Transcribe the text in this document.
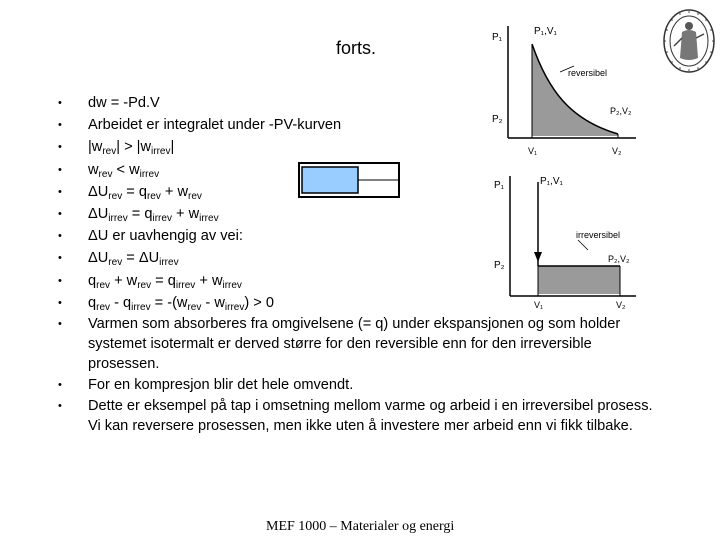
forts.
• dw = -Pd.V
• Arbeidet er integralet under -PV-kurven
• $|w_{rev}| > |w_{irrev}|$
• $w_{rev} < w_{irrev}$
• $\Delta U_{rev} = q_{rev} + w_{rev}$
• $\Delta U_{irrev} = q_{irrev} + w_{irrev}$
• ΔU er uavhengig av vei:
• $\Delta U_{rev} = \Delta U_{irrev}$
• $q_{rev} + w_{rev} = q_{irrev} + w_{irrev}$
• $q_{rev} - q_{irrev} = -(w_{rev} - w_{irrev}) > 0$
• Varmen som absorberes fra omgivelsene (= q) under ekspansjonen og som holder systemet isotermalt er derved større for den reversible enn for den irreversible prosessen.
• For en kompresjon blir det hele omvendt.
• Dette er eksempel på tap i omsetning mellom varme og arbeid i en irreversibel prosess. Vi kan reversere prosessen, men ikke uten å investere mer arbeid enn vi fikk tilbake.
P₁
P₂
P₁,V₁
P₂,V₂
reversibel
V₁	V₂
P₁
P₂
P₁,V₁
P₂,V₂
irreversibel
V₁	V₂
MEF 1000 – Materialer og energi
